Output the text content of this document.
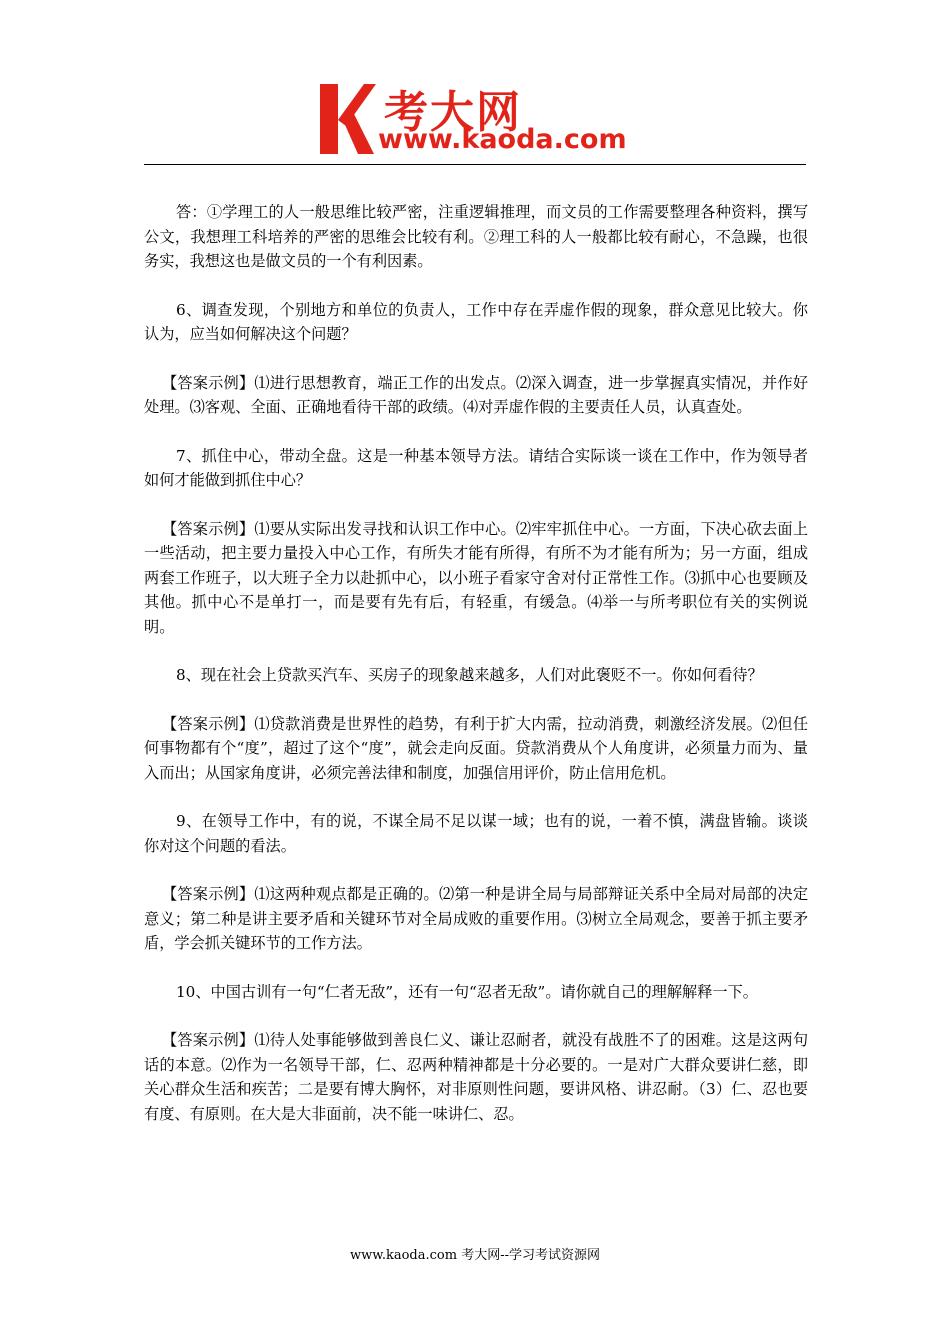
考大网
www.kaoda.com

答：①学理工的人一般思维比较严密，注重逻辑推理，而文员的工作需要整理各种资料，撰写公文，我想理工科培养的严密的思维会比较有利。②理工科的人一般都比较有耐心，不急躁，也很务实，我想这也是做文员的一个有利因素。

6、调查发现，个别地方和单位的负责人，工作中存在弄虚作假的现象，群众意见比较大。你认为，应当如何解决这个问题？

【答案示例】⑴进行思想教育，端正工作的出发点。⑵深入调查，进一步掌握真实情况，并作好处理。⑶客观、全面、正确地看待干部的政绩。⑷对弄虚作假的主要责任人员，认真查处。

7、抓住中心，带动全盘。这是一种基本领导方法。请结合实际谈一谈在工作中，作为领导者如何才能做到抓住中心？

【答案示例】⑴要从实际出发寻找和认识工作中心。⑵牢牢抓住中心。一方面，下决心砍去面上一些活动，把主要力量投入中心工作，有所失才能有所得，有所不为才能有所为；另一方面，组成两套工作班子，以大班子全力以赴抓中心，以小班子看家守舍对付正常性工作。⑶抓中心也要顾及其他。抓中心不是单打一，而是要有先有后，有轻重，有缓急。⑷举一与所考职位有关的实例说明。

8、现在社会上贷款买汽车、买房子的现象越来越多，人们对此褒贬不一。你如何看待？

【答案示例】⑴贷款消费是世界性的趋势，有利于扩大内需，拉动消费，刺激经济发展。⑵但任何事物都有个“度”，超过了这个“度”，就会走向反面。贷款消费从个人角度讲，必须量力而为、量入而出；从国家角度讲，必须完善法律和制度，加强信用评价，防止信用危机。

9、在领导工作中，有的说，不谋全局不足以谋一域；也有的说，一着不慎，满盘皆输。谈谈你对这个问题的看法。

【答案示例】⑴这两种观点都是正确的。⑵第一种是讲全局与局部辩证关系中全局对局部的决定意义；第二种是讲主要矛盾和关键环节对全局成败的重要作用。⑶树立全局观念，要善于抓主要矛盾，学会抓关键环节的工作方法。

10、中国古训有一句“仁者无敌”，还有一句“忍者无敌”。请你就自己的理解解释一下。

【答案示例】⑴待人处事能够做到善良仁义、谦让忍耐者，就没有战胜不了的困难。这是这两句话的本意。⑵作为一名领导干部，仁、忍两种精神都是十分必要的。一是对广大群众要讲仁慈，即关心群众生活和疾苦；二是要有博大胸怀，对非原则性问题，要讲风格、讲忍耐。（3）仁、忍也要有度、有原则。在大是大非面前，决不能一味讲仁、忍。

www.kaoda.com 考大网--学习考试资源网
